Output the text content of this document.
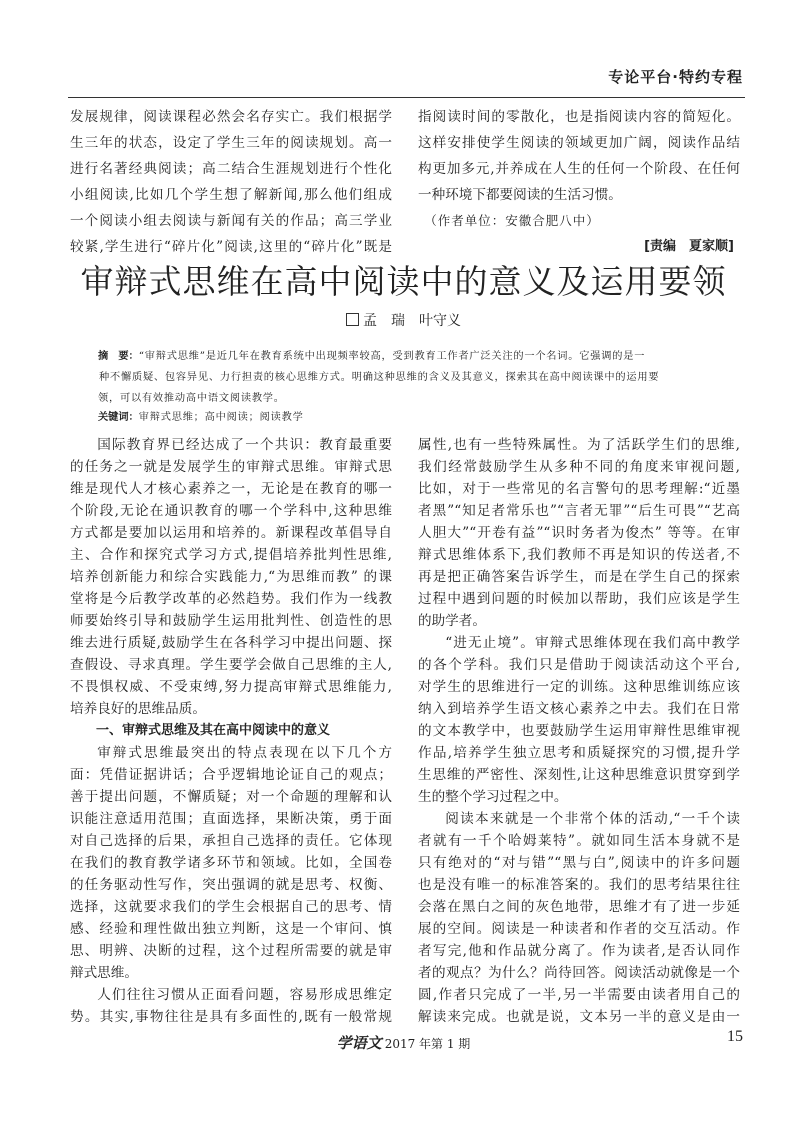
专论平台·特约专程
发展规律，阅读课程必然会名存实亡。我们根据学
生三年的状态，设定了学生三年的阅读规划。高一
进行名著经典阅读；高二结合生涯规划进行个性化
小组阅读,比如几个学生想了解新闻,那么他们组成
一个阅读小组去阅读与新闻有关的作品；高三学业
较紧,学生进行“碎片化”阅读,这里的“碎片化”既是
指阅读时间的零散化，也是指阅读内容的简短化。
这样安排使学生阅读的领域更加广阔，阅读作品结
构更加多元,并养成在人生的任何一个阶段、在任何
一种环境下都要阅读的生活习惯。
（作者单位：安徽合肥八中）
[责编　夏家顺]
审辩式思维在高中阅读中的意义及运用要领
孟　瑞　叶守义
摘　要：“审辩式思维”是近几年在教育系统中出现频率较高，受到教育工作者广泛关注的一个名词。它强调的是一
种不懈质疑、包容异见、力行担责的核心思维方式。明确这种思维的含义及其意义，探索其在高中阅读课中的运用要
领，可以有效推动高中语文阅读教学。
关键词：审辩式思维；高中阅读；阅读教学
国际教育界已经达成了一个共识：教育最重要
的任务之一就是发展学生的审辩式思维。审辩式思
维是现代人才核心素养之一，无论是在教育的哪一
个阶段,无论在通识教育的哪一个学科中,这种思维
方式都是要加以运用和培养的。新课程改革倡导自
主、合作和探究式学习方式,提倡培养批判性思维,
培养创新能力和综合实践能力,“为思维而教” 的课
堂将是今后教学改革的必然趋势。我们作为一线教
师要始终引导和鼓励学生运用批判性、创造性的思
维去进行质疑,鼓励学生在各科学习中提出问题、探
查假设、寻求真理。学生要学会做自己思维的主人,
不畏惧权威、不受束缚,努力提高审辩式思维能力,
培养良好的思维品质。
一、审辩式思维及其在高中阅读中的意义
审辩式思维最突出的特点表现在以下几个方
面：凭借证据讲话；合乎逻辑地论证自己的观点；
善于提出问题，不懈质疑；对一个命题的理解和认
识能注意适用范围；直面选择，果断决策，勇于面
对自己选择的后果，承担自己选择的责任。它体现
在我们的教育教学诸多环节和领域。比如，全国卷
的任务驱动性写作，突出强调的就是思考、权衡、
选择，这就要求我们的学生会根据自己的思考、情
感、经验和理性做出独立判断，这是一个审问、慎
思、明辨、决断的过程，这个过程所需要的就是审
辩式思维。
人们往往习惯从正面看问题，容易形成思维定
势。其实,事物往往是具有多面性的,既有一般常规
属性,也有一些特殊属性。为了活跃学生们的思维,
我们经常鼓励学生从多种不同的角度来审视问题,
比如，对于一些常见的名言警句的思考理解:“近墨
者黑”“知足者常乐也”“言者无罪”“后生可畏”“艺高
人胆大”“开卷有益”“识时务者为俊杰” 等等。在审
辩式思维体系下,我们教师不再是知识的传送者,不
再是把正确答案告诉学生，而是在学生自己的探索
过程中遇到问题的时候加以帮助，我们应该是学生
的助学者。
“进无止境”。审辩式思维体现在我们高中教学
的各个学科。我们只是借助于阅读活动这个平台,
对学生的思维进行一定的训练。这种思维训练应该
纳入到培养学生语文核心素养之中去。我们在日常
的文本教学中，也要鼓励学生运用审辩性思维审视
作品,培养学生独立思考和质疑探究的习惯,提升学
生思维的严密性、深刻性,让这种思维意识贯穿到学
生的整个学习过程之中。
阅读本来就是一个非常个体的活动,“一千个读
者就有一千个哈姆莱特”。就如同生活本身就不是
只有绝对的“对与错”“黑与白”,阅读中的许多问题
也是没有唯一的标准答案的。我们的思考结果往往
会落在黑白之间的灰色地带，思维才有了进一步延
展的空间。阅读是一种读者和作者的交互活动。作
者写完,他和作品就分离了。作为读者,是否认同作
者的观点？为什么？尚待回答。阅读活动就像是一个
圆,作者只完成了一半,另一半需要由读者用自己的
解读来完成。也就是说，文本另一半的意义是由一
学语文 2017 年第 1 期	15
